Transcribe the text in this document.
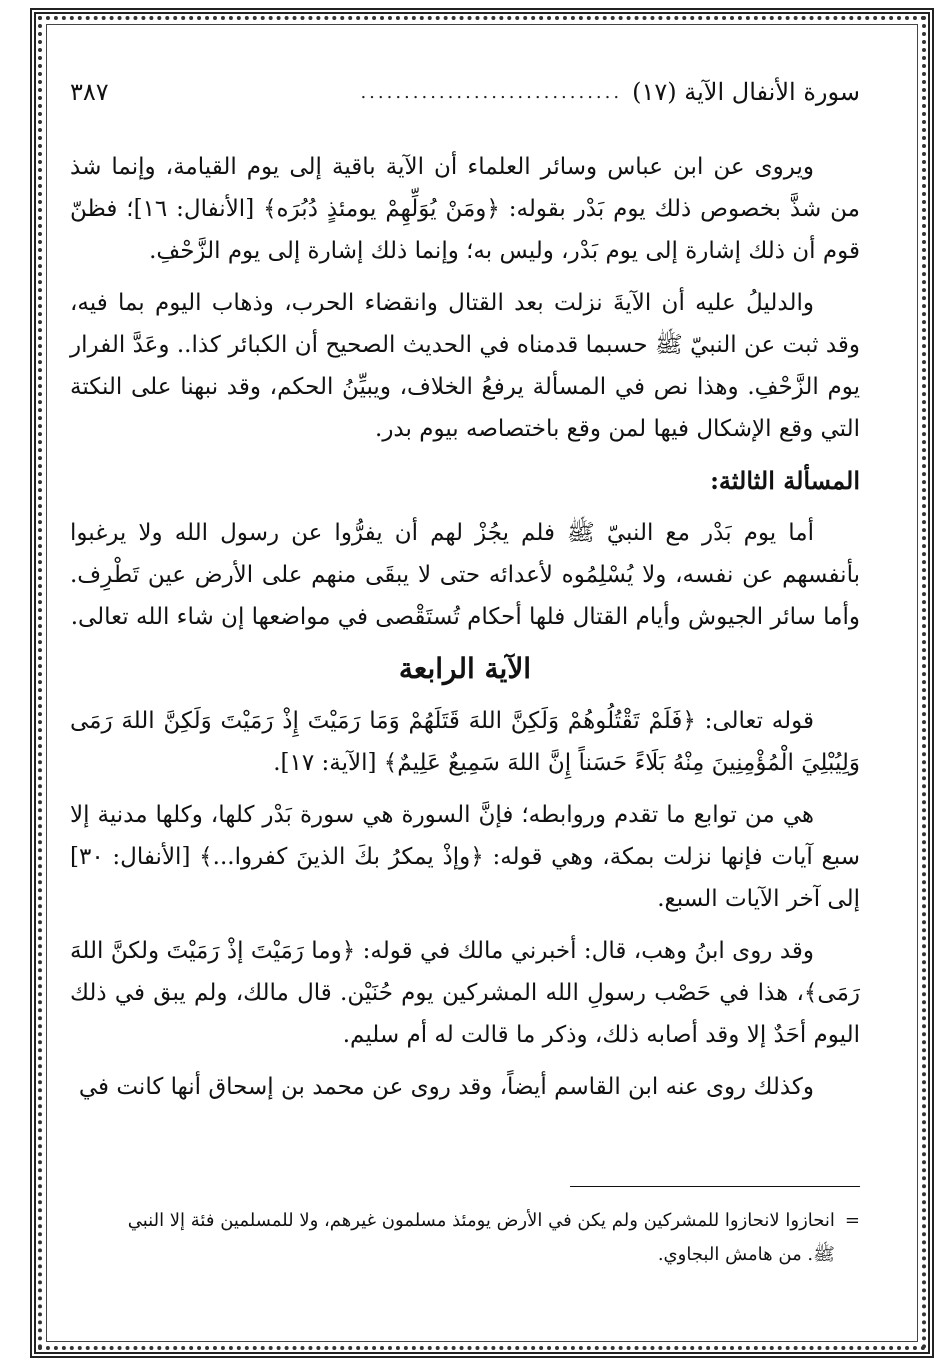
سورة الأنفال الآية (١٧)
..............................
٣٨٧

ويروى عن ابن عباس وسائر العلماء أن الآية باقية إلى يوم القيامة، وإنما شذ من شذَّ بخصوص ذلك يوم بَدْر بقوله: ﴿ومَنْ يُوَلِّهِمْ يومئذٍ دُبُرَه﴾ [الأنفال: ١٦]؛ فظنّ قوم أن ذلك إشارة إلى يوم بَدْر، وليس به؛ وإنما ذلك إشارة إلى يوم الزَّحْفِ.

والدليلُ عليه أن الآيةَ نزلت بعد القتال وانقضاء الحرب، وذهاب اليوم بما فيه، وقد ثبت عن النبيّ ﷺ حسبما قدمناه في الحديث الصحيح أن الكبائر كذا.. وعَدَّ الفرار يوم الزَّحْفِ. وهذا نص في المسألة يرفعُ الخلاف، ويبيِّنُ الحكم، وقد نبهنا على النكتة التي وقع الإشكال فيها لمن وقع باختصاصه بيوم بدر.

المسألة الثالثة:

أما يوم بَدْر مع النبيّ ﷺ فلم يجُزْ لهم أن يفرُّوا عن رسول الله ولا يرغبوا بأنفسهم عن نفسه، ولا يُسْلِمُوه لأعدائه حتى لا يبقَى منهم على الأرض عين تَطْرِف. وأما سائر الجيوش وأيام القتال فلها أحكام تُستَقْصى في مواضعها إن شاء الله تعالى.

الآية الرابعة

قوله تعالى: ﴿فَلَمْ تَقْتُلُوهُمْ وَلَكِنَّ اللهَ قَتَلَهُمْ وَمَا رَمَيْتَ إِذْ رَمَيْتَ وَلَكِنَّ اللهَ رَمَى وَلِيُبْلِيَ الْمُؤْمِنِينَ مِنْهُ بَلَاءً حَسَناً إِنَّ اللهَ سَمِيعٌ عَلِيمٌ﴾ [الآية: ١٧].

هي من توابع ما تقدم وروابطه؛ فإنَّ السورة هي سورة بَدْر كلها، وكلها مدنية إلا سبع آيات فإنها نزلت بمكة، وهي قوله: ﴿وإذْ يمكرُ بكَ الذينَ كفروا...﴾ [الأنفال: ٣٠] إلى آخر الآيات السبع.

وقد روى ابنُ وهب، قال: أخبرني مالك في قوله: ﴿وما رَمَيْتَ إذْ رَمَيْتَ ولكنَّ اللهَ رَمَى﴾، هذا في حَصْب رسولِ الله المشركين يوم حُنَيْن. قال مالك، ولم يبق في ذلك اليوم أحَدٌ إلا وقد أصابه ذلك، وذكر ما قالت له أم سليم.

وكذلك روى عنه ابن القاسم أيضاً، وقد روى عن محمد بن إسحاق أنها كانت في

=
انحازوا لانحازوا للمشركين ولم يكن في الأرض يومئذ مسلمون غيرهم، ولا للمسلمين فئة إلا النبي
ﷺ. من هامش البجاوي.
